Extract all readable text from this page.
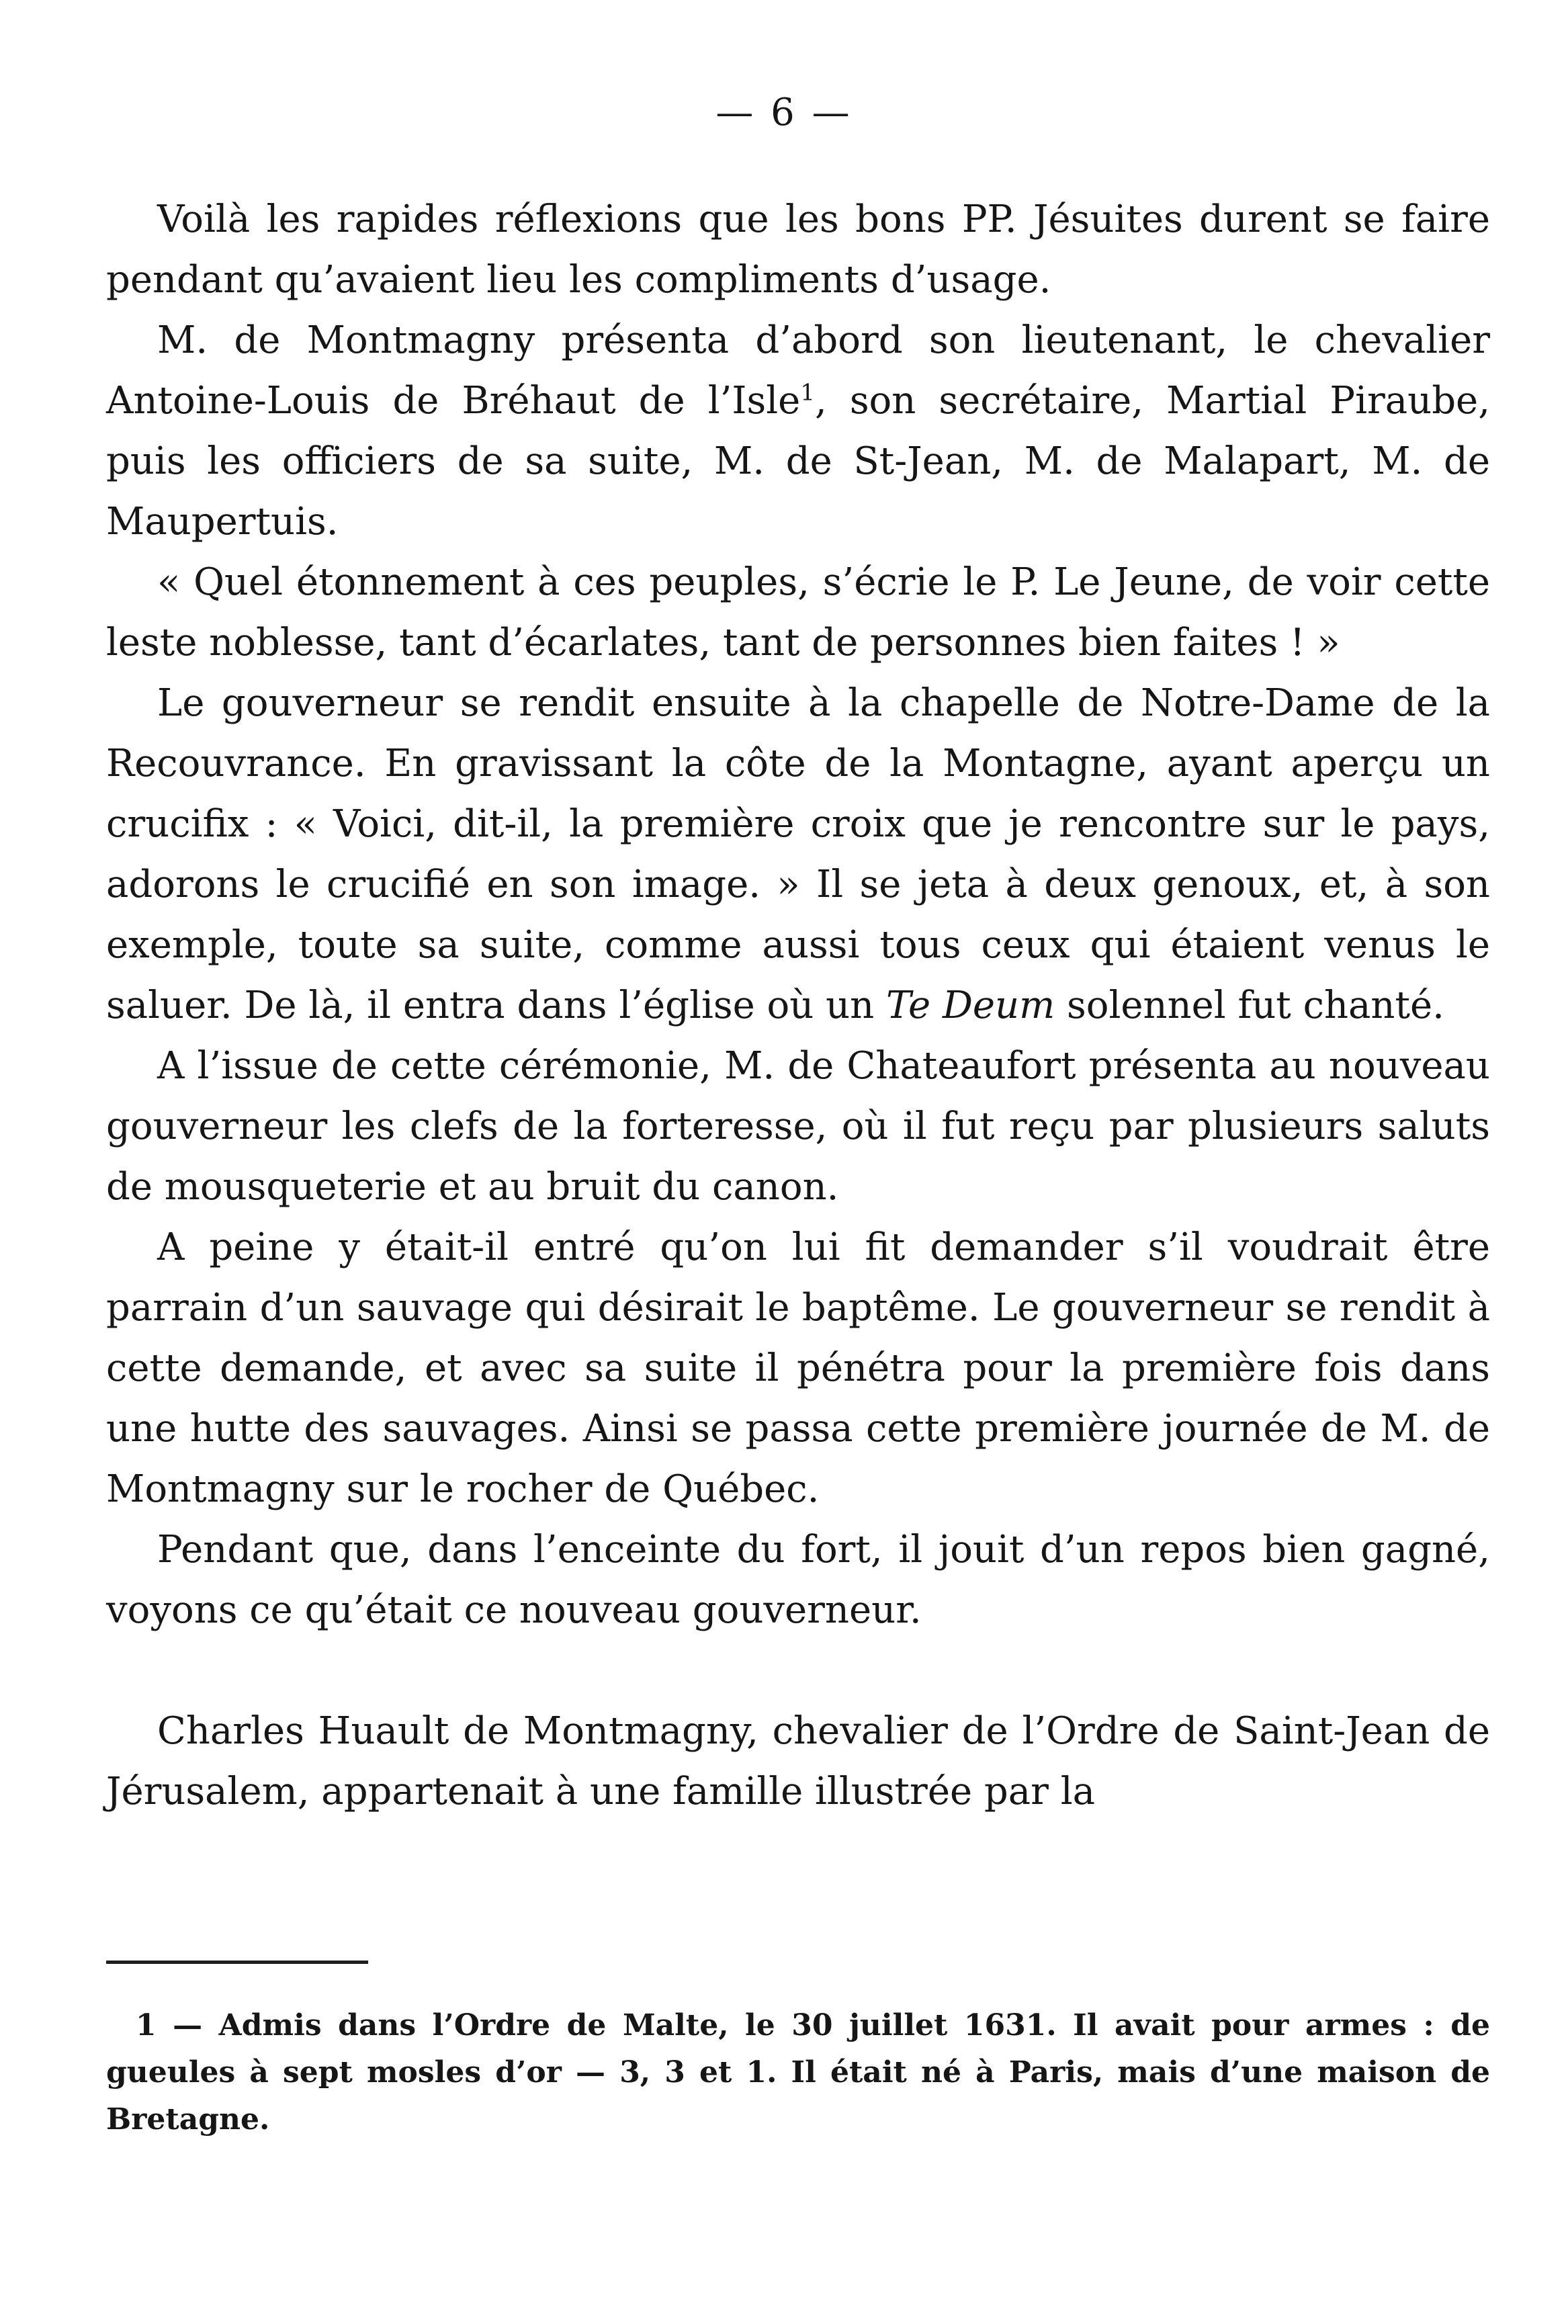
— 6 —

Voilà les rapides réflexions que les bons PP. Jésuites durent se faire pendant qu’avaient lieu les compliments d’usage.

M. de Montmagny présenta d’abord son lieutenant, le chevalier Antoine-Louis de Bréhaut de l’Isle$^1$, son secrétaire, Martial Piraube, puis les officiers de sa suite, M. de St-Jean, M. de Malapart, M. de Maupertuis.

« Quel étonnement à ces peuples, s’écrie le P. Le Jeune, de voir cette leste noblesse, tant d’écarlates, tant de personnes bien faites ! »

Le gouverneur se rendit ensuite à la chapelle de Notre-Dame de la Recouvrance. En gravissant la côte de la Montagne, ayant aperçu un crucifix : « Voici, dit-il, la première croix que je rencontre sur le pays, adorons le crucifié en son image. » Il se jeta à deux genoux, et, à son exemple, toute sa suite, comme aussi tous ceux qui étaient venus le saluer. De là, il entra dans l’église où un Te Deum solennel fut chanté.

A l’issue de cette cérémonie, M. de Chateaufort présenta au nouveau gouverneur les clefs de la forteresse, où il fut reçu par plusieurs saluts de mousqueterie et au bruit du canon.

A peine y était-il entré qu’on lui fit demander s’il voudrait être parrain d’un sauvage qui désirait le baptême. Le gouverneur se rendit à cette demande, et avec sa suite il pénétra pour la première fois dans une hutte des sauvages. Ainsi se passa cette première journée de M. de Montmagny sur le rocher de Québec.

Pendant que, dans l’enceinte du fort, il jouit d’un repos bien gagné, voyons ce qu’était ce nouveau gouverneur.

Charles Huault de Montmagny, chevalier de l’Ordre de Saint-Jean de Jérusalem, appartenait à une famille illustrée par la

1 — Admis dans l’Ordre de Malte, le 30 juillet 1631. Il avait pour armes : de gueules à sept mosles d’or — 3, 3 et 1. Il était né à Paris, mais d’une maison de Bretagne.
